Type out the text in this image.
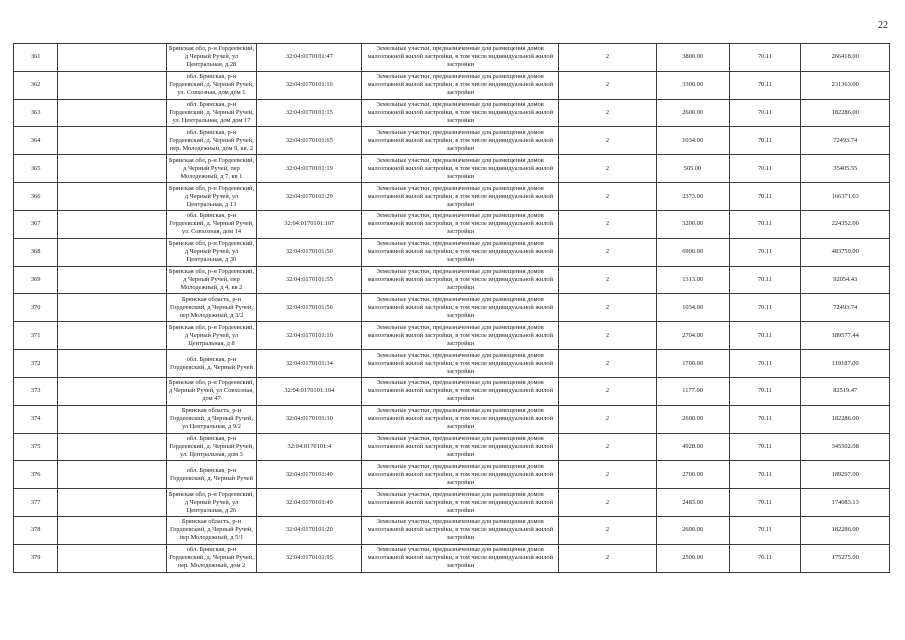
22
361		Брянская обл, р-н Гордеевский, д Черный Ручей, ул Центральная, д 28	32:04:0170101:47	Земельные участки, предназначенные для размещения домов малоэтажной жилой застройки, в том числе индивидуальной жилой застройки	2	3800.00	70.11	266418.00
362		обл. Брянская, р-н Гордеевский, д. Черный Ручей, ул. Совхозная, дом дом 1	32:04:0170101:16	Земельные участки, предназначенные для размещения домов малоэтажной жилой застройки, в том числе индивидуальной жилой застройки	2	3300.00	70.11	231363.00
363		обл. Брянская, р-н Гордеевский, д. Черный Ручей, ул. Центральная, дом дом 17	32:04:0170101:15	Земельные участки, предназначенные для размещения домов малоэтажной жилой застройки, в том числе индивидуальной жилой застройки	2	2600.00	70.11	182286.00
364		обл. Брянская, р-н Гордеевский, д. Черный Ручей, пер. Молодежный, дом 9, кв. 2	32:04:0170101:65	Земельные участки, предназначенные для размещения домов малоэтажной жилой застройки, в том числе индивидуальной жилой застройки	2	1034.00	70.11	72493.74
365		Брянская обл, р-н Гордеевский, д Черный Ручей, пер Молодежный, д 7, кв 1	32:04:0170101:19	Земельные участки, предназначенные для размещения домов малоэтажной жилой застройки, в том числе индивидуальной жилой застройки	2	505.00	70.11	35405.55
366		Брянская обл, р-н Гордеевский, д Черный Ручей, ул Центральная, д 13	32:04:0170101:29	Земельные участки, предназначенные для размещения домов малоэтажной жилой застройки, в том числе индивидуальной жилой застройки	2	2373.00	70.11	166371.03
367		обл. Брянская, р-н Гордеевский, д. Черный Ручей, ул. Совхозная, дом 14	32:04:0170101:107	Земельные участки, предназначенные для размещения домов малоэтажной жилой застройки, в том числе индивидуальной жилой застройки	2	3200.00	70.11	224352.00
368		Брянская обл, р-н Гордеевский, д Черный Ручей, ул Центральная, д 30	32:04:0170101:50	Земельные участки, предназначенные для размещения домов малоэтажной жилой застройки, в том числе индивидуальной жилой застройки	2	6900.00	70.11	483759.00
369		Брянская обл, р-н Гордеевский, д Черный Ручей, пер Молодежный, д 4, кв 2	32:04:0170101:55	Земельные участки, предназначенные для размещения домов малоэтажной жилой застройки, в том числе индивидуальной жилой застройки	2	1313.00	70.11	92054.43
370		Брянская область, р-н Гордеевский, д Черный Ручей, пер Молодежный, д 3/2	32:04:0170101:56	Земельные участки, предназначенные для размещения домов малоэтажной жилой застройки, в том числе индивидуальной жилой застройки	2	1034.00	70.11	72493.74
371		Брянская обл, р-н Гордеевский, д Черный Ручей, ул Центральная, д 8	32:04:0170101:10	Земельные участки, предназначенные для размещения домов малоэтажной жилой застройки, в том числе индивидуальной жилой застройки	2	2704.00	70.11	189577.44
372		обл. Брянская, р-н Гордеевский, д. Черный Ручей	32:04:0170101:34	Земельные участки, предназначенные для размещения домов малоэтажной жилой застройки, в том числе индивидуальной жилой застройки	2	1700.00	70.11	119187.00
373		Брянская обл, р-н Гордеевский, д Черный Ручей, ул Совхозная, дом 47	32:04:0170101:104	Земельные участки, предназначенные для размещения домов малоэтажной жилой застройки, в том числе индивидуальной жилой застройки	2	1177.00	70.11	82519.47
374		Брянская область, р-н Гордеевский, д Черный Ручей, ул Центральная, д 9/2	32:04:0170101:30	Земельные участки, предназначенные для размещения домов малоэтажной жилой застройки, в том числе индивидуальной жилой застройки	2	2600.00	70.11	182286.00
375		обл. Брянская, р-н Гордеевский, д. Черный Ручей, ул. Центральная, дом 3	32:04:0170101:4	Земельные участки, предназначенные для размещения домов малоэтажной жилой застройки, в том числе индивидуальной жилой застройки	2	4928.00	70.11	345502.08
376		обл. Брянская, р-н Гордеевский, д. Черный Ручей	32:04:0170101:40	Земельные участки, предназначенные для размещения домов малоэтажной жилой застройки, в том числе индивидуальной жилой застройки	2	2700.00	70.11	189297.00
377		Брянская обл, р-н Гордеевский, д Черный Ручей, ул Центральная, д 26	32:04:0170101:49	Земельные участки, предназначенные для размещения домов малоэтажной жилой застройки, в том числе индивидуальной жилой застройки	2	2483.00	70.11	174083.13
378		Брянская область, р-н Гордеевский, д Черный Ручей, пер Молодежный, д 5/1	32:04:0170101:20	Земельные участки, предназначенные для размещения домов малоэтажной жилой застройки, в том числе индивидуальной жилой застройки	2	2600.00	70.11	182286.00
379		обл. Брянская, р-н Гордеевский, д. Черный Ручей, пер. Молодежный, дом 2	32:04:0170101:95	Земельные участки, предназначенные для размещения домов малоэтажной жилой застройки, в том числе индивидуальной жилой застройки	2	2500.00	70.11	175275.00
